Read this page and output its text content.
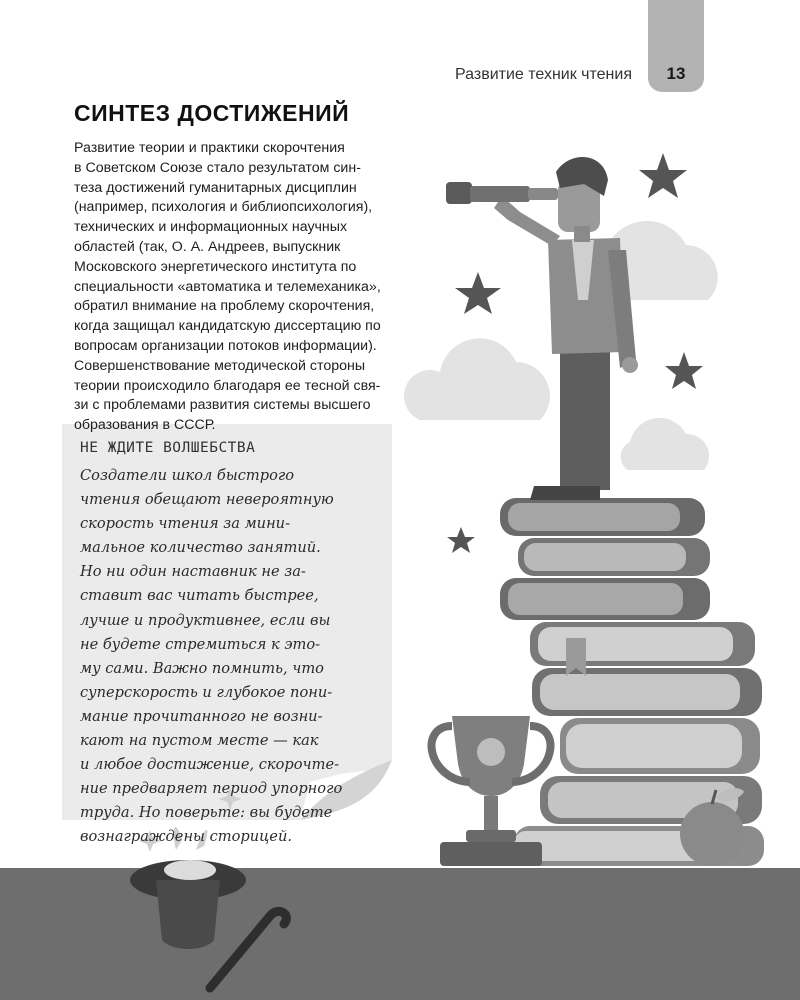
13
Развитие техник чтения
СИНТЕЗ ДОСТИЖЕНИЙ
Развитие теории и практики скорочтения
в Советском Союзе стало результатом син-
теза достижений гуманитарных дисциплин
(например, психология и библиопсихология),
технических и информационных научных
областей (так, О. А. Андреев, выпускник
Московского энергетического института по
специальности «автоматика и телемеханика»,
обратил внимание на проблему скорочтения,
когда защищал кандидатскую диссертацию по
вопросам организации потоков информации).
Совершенствование методической стороны
теории происходило благодаря ее тесной свя-
зи с проблемами развития системы высшего
образования в СССР.
НЕ ЖДИТЕ ВОЛШЕБСТВА
Создатели школ быстрого
чтения обещают невероятную
скорость чтения за мини-
мальное количество занятий.
Но ни один наставник не за-
ставит вас читать быстрее,
лучше и продуктивнее, если вы
не будете стремиться к это-
му сами. Важно помнить, что
суперскорость и глубокое пони-
мание прочитанного не возни-
кают на пустом месте — как
и любое достижение, скорочте-
ние предваряет период упорного
труда. Но поверьте: вы будете
вознаграждены сторицей.
